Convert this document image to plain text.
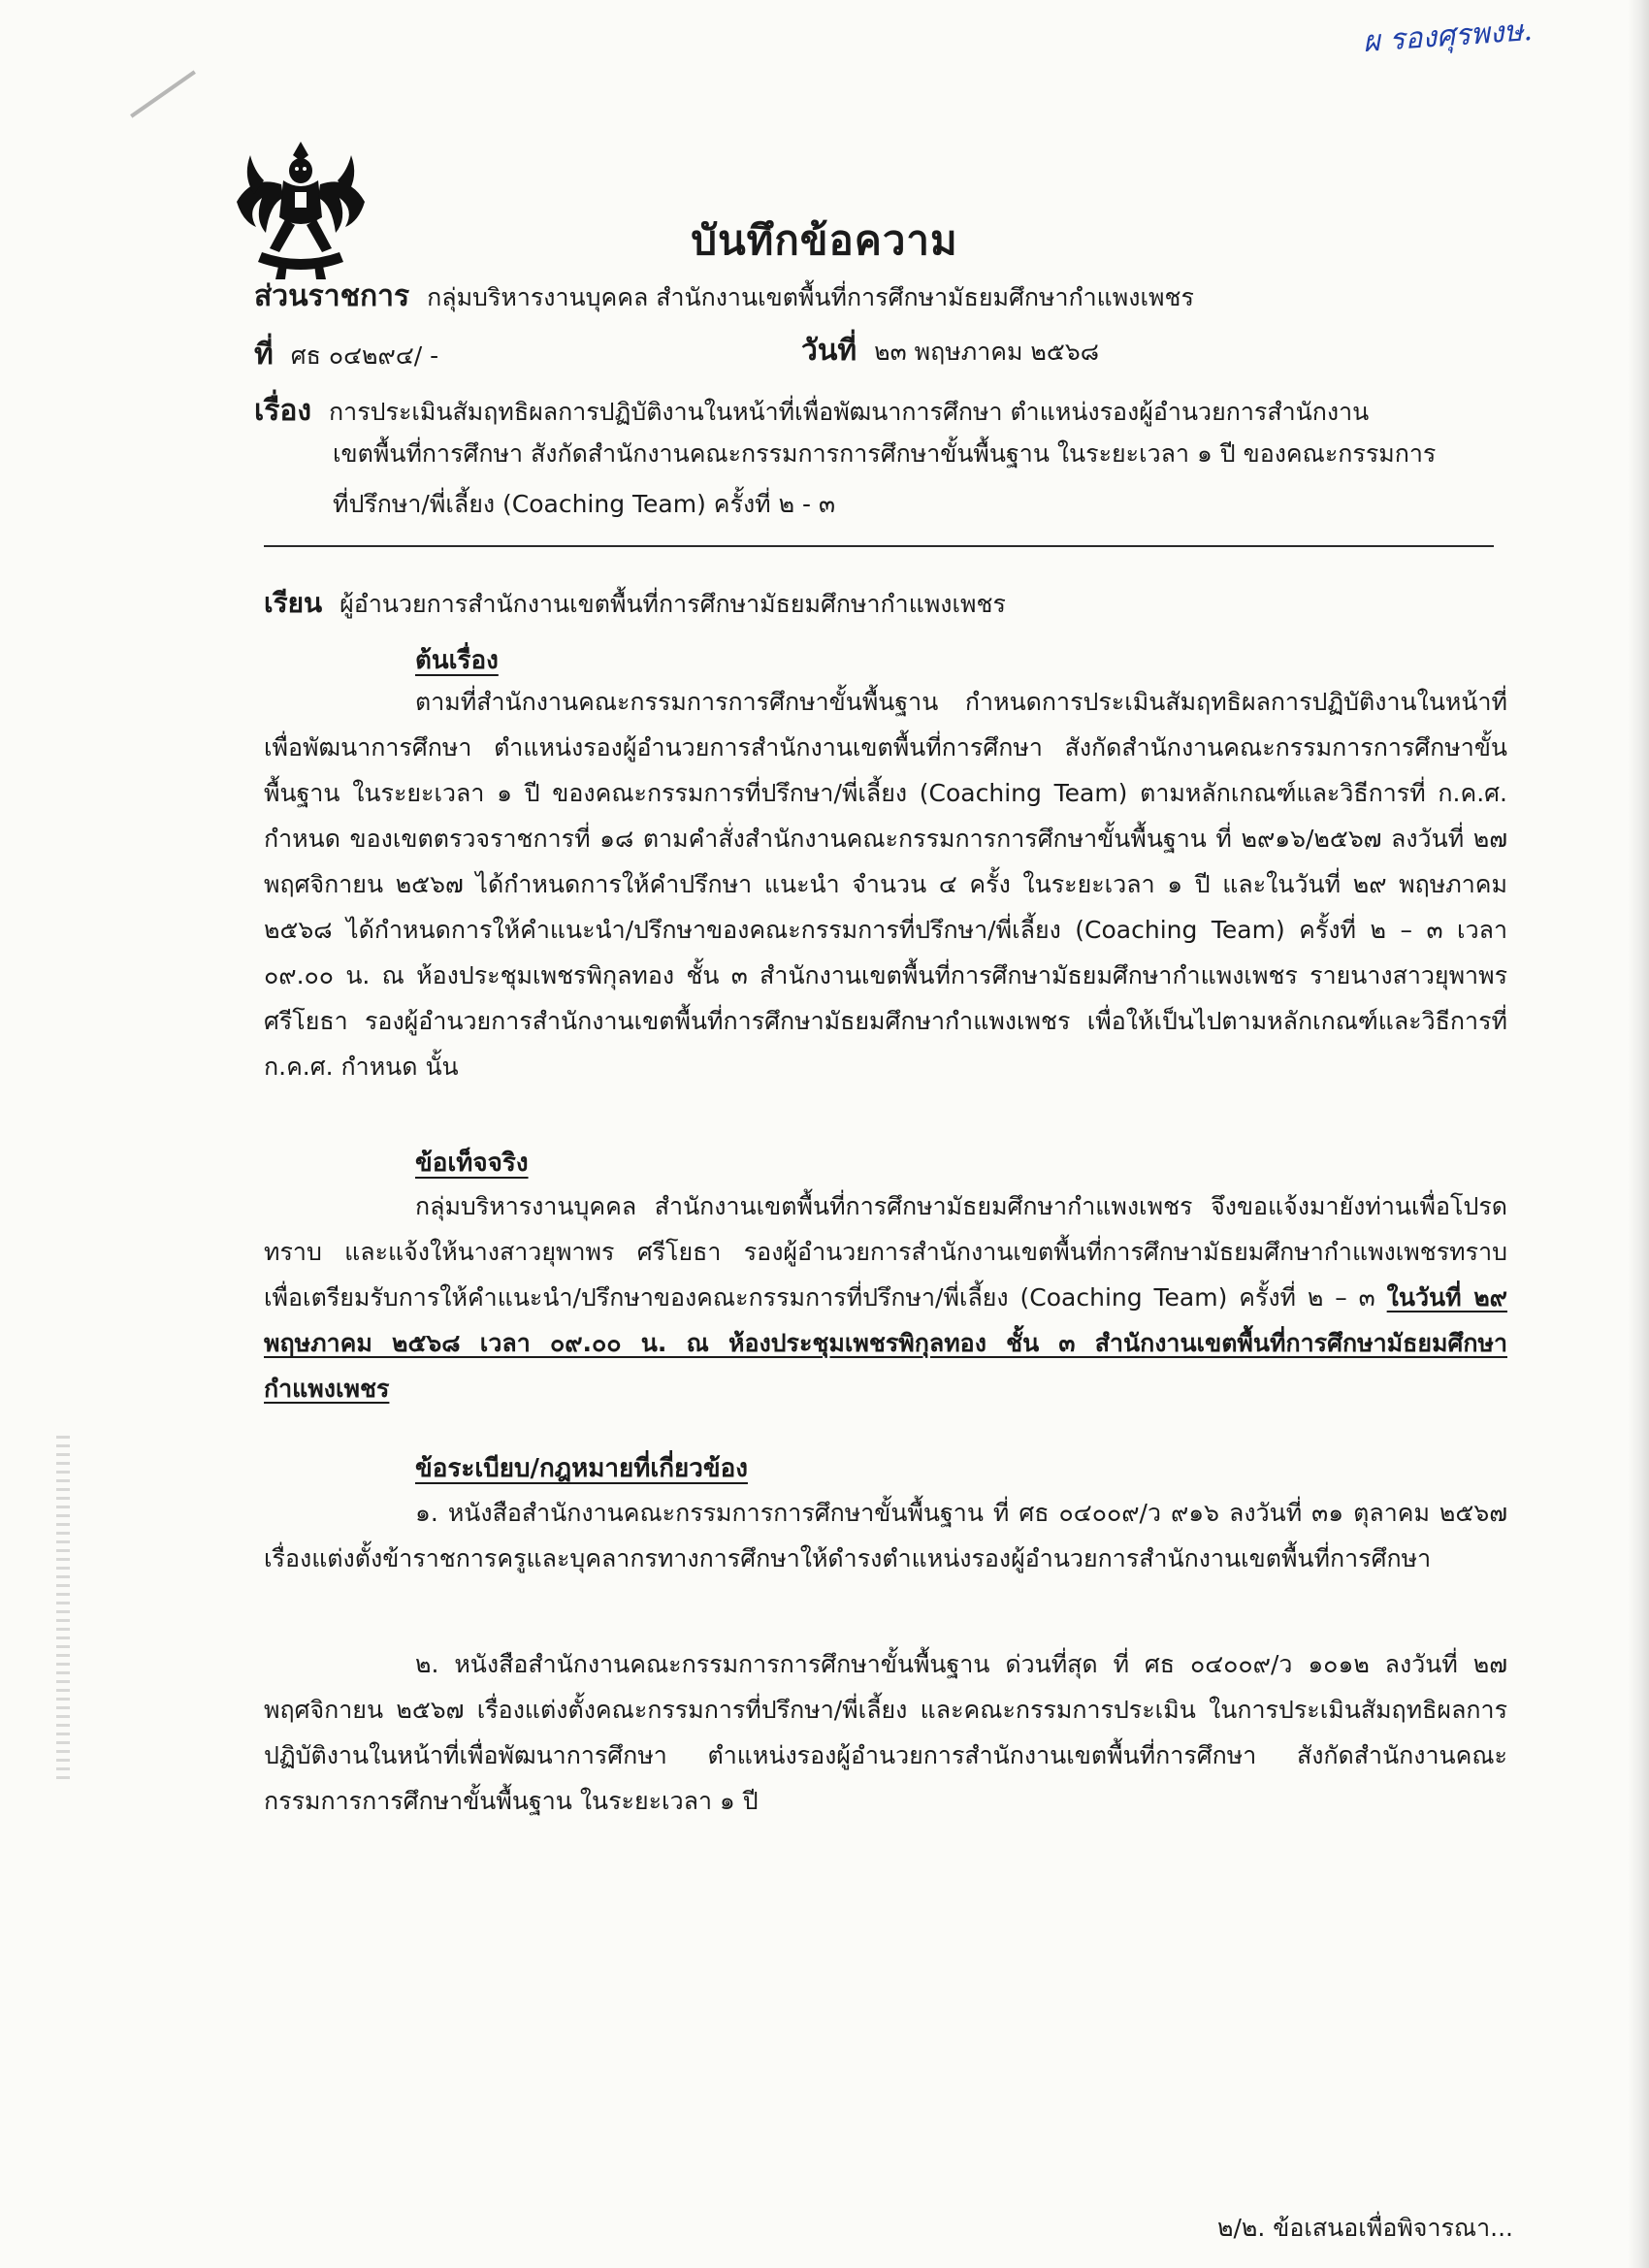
ผ รองศุรพงษ.
บันทึกข้อความ
ส่วนราชการ กลุ่มบริหารงานบุคคล สำนักงานเขตพื้นที่การศึกษามัธยมศึกษากำแพงเพชร
ที่ ศธ ๐๔๒๙๔/ -	วันที่ ๒๓ พฤษภาคม ๒๕๖๘
เรื่อง การประเมินสัมฤทธิผลการปฏิบัติงานในหน้าที่เพื่อพัฒนาการศึกษา ตำแหน่งรองผู้อำนวยการสำนักงาน
เขตพื้นที่การศึกษา สังกัดสำนักงานคณะกรรมการการศึกษาขั้นพื้นฐาน ในระยะเวลา ๑ ปี ของคณะกรรมการ
ที่ปรึกษา/พี่เลี้ยง (Coaching Team) ครั้งที่ ๒ - ๓
เรียน ผู้อำนวยการสำนักงานเขตพื้นที่การศึกษามัธยมศึกษากำแพงเพชร
ต้นเรื่อง

ตามที่สำนักงานคณะกรรมการการศึกษาขั้นพื้นฐาน กำหนดการประเมินสัมฤทธิผลการปฏิบัติงานในหน้าที่เพื่อพัฒนาการศึกษา ตำแหน่งรองผู้อำนวยการสำนักงานเขตพื้นที่การศึกษา สังกัดสำนักงานคณะกรรมการการศึกษาขั้นพื้นฐาน ในระยะเวลา ๑ ปี ของคณะกรรมการที่ปรึกษา/พี่เลี้ยง (Coaching Team) ตามหลักเกณฑ์และวิธีการที่ ก.ค.ศ. กำหนด ของเขตตรวจราชการที่ ๑๘ ตามคำสั่งสำนักงานคณะกรรมการการศึกษาขั้นพื้นฐาน ที่ ๒๙๑๖/๒๕๖๗ ลงวันที่ ๒๗ พฤศจิกายน ๒๕๖๗ ได้กำหนดการให้คำปรึกษา แนะนำ จำนวน ๔ ครั้ง ในระยะเวลา ๑ ปี และในวันที่ ๒๙ พฤษภาคม ๒๕๖๘ ได้กำหนดการให้คำแนะนำ/ปรึกษาของคณะกรรมการที่ปรึกษา/พี่เลี้ยง (Coaching Team) ครั้งที่ ๒ – ๓ เวลา ๐๙.๐๐ น. ณ ห้องประชุมเพชรพิกุลทอง ชั้น ๓ สำนักงานเขตพื้นที่การศึกษามัธยมศึกษากำแพงเพชร รายนางสาวยุพาพร ศรีโยธา รองผู้อำนวยการสำนักงานเขตพื้นที่การศึกษามัธยมศึกษากำแพงเพชร เพื่อให้เป็นไปตามหลักเกณฑ์และวิธีการที่ ก.ค.ศ. กำหนด นั้น

ข้อเท็จจริง

กลุ่มบริหารงานบุคคล สำนักงานเขตพื้นที่การศึกษามัธยมศึกษากำแพงเพชร จึงขอแจ้งมายังท่านเพื่อโปรดทราบ และแจ้งให้นางสาวยุพาพร ศรีโยธา รองผู้อำนวยการสำนักงานเขตพื้นที่การศึกษามัธยมศึกษากำแพงเพชรทราบ เพื่อเตรียมรับการให้คำแนะนำ/ปรึกษาของคณะกรรมการที่ปรึกษา/พี่เลี้ยง (Coaching Team) ครั้งที่ ๒ – ๓ ในวันที่ ๒๙ พฤษภาคม ๒๕๖๘ เวลา ๐๙.๐๐ น. ณ ห้องประชุมเพชรพิกุลทอง ชั้น ๓ สำนักงานเขตพื้นที่การศึกษามัธยมศึกษากำแพงเพชร

ข้อระเบียบ/กฎหมายที่เกี่ยวข้อง

๑. หนังสือสำนักงานคณะกรรมการการศึกษาขั้นพื้นฐาน ที่ ศธ ๐๔๐๐๙/ว ๙๑๖ ลงวันที่ ๓๑ ตุลาคม ๒๕๖๗ เรื่องแต่งตั้งข้าราชการครูและบุคลากรทางการศึกษาให้ดำรงตำแหน่งรองผู้อำนวยการสำนักงานเขตพื้นที่การศึกษา

๒. หนังสือสำนักงานคณะกรรมการการศึกษาขั้นพื้นฐาน ด่วนที่สุด ที่ ศธ ๐๔๐๐๙/ว ๑๐๑๒ ลงวันที่ ๒๗ พฤศจิกายน ๒๕๖๗ เรื่องแต่งตั้งคณะกรรมการที่ปรึกษา/พี่เลี้ยง และคณะกรรมการประเมิน ในการประเมินสัมฤทธิผลการปฏิบัติงานในหน้าที่เพื่อพัฒนาการศึกษา ตำแหน่งรองผู้อำนวยการสำนักงานเขตพื้นที่การศึกษา สังกัดสำนักงานคณะกรรมการการศึกษาขั้นพื้นฐาน ในระยะเวลา ๑ ปี

๒/๒. ข้อเสนอเพื่อพิจารณา...
